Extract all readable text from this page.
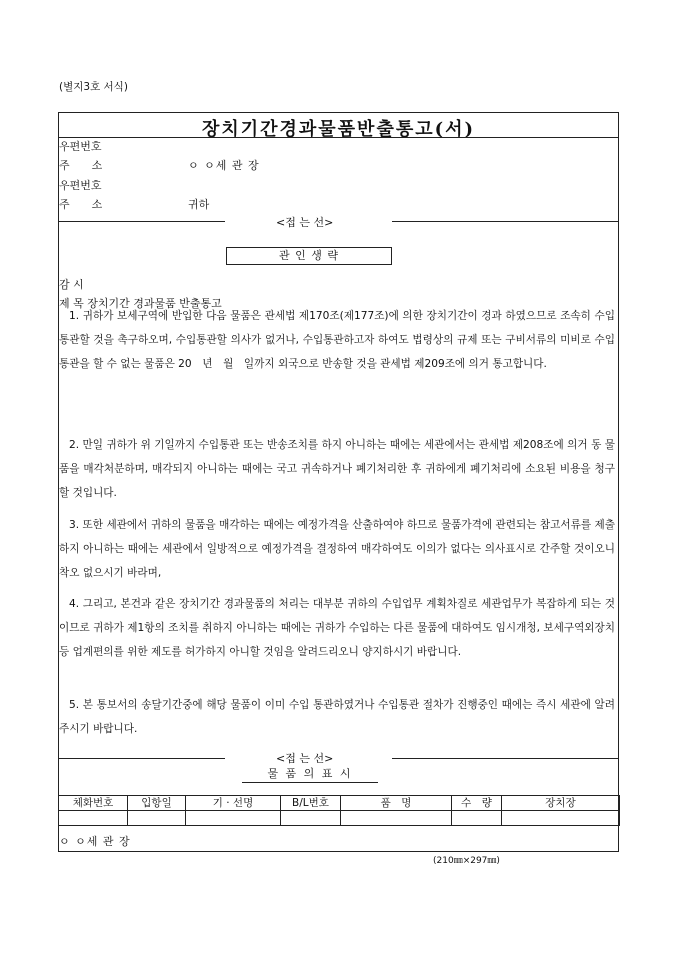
(별지3호 서식)
장치기간경과물품반출통고(서)
우편번호
주　　소	ㅇ ㅇ세 관 장
우편번호
주　　소	귀하
<접 는 선>
관 인 생 략
감 시
제 목 장치기간 경과물품 반출통고
1. 귀하가 보세구역에 반입한 다음 물품은 관세법 제170조(제177조)에 의한 장치기간이 경과 하였으므로 조속히 수입통관할 것을 촉구하오며, 수입통관할 의사가 없거나, 수입통관하고자 하여도 법령상의 규제 또는 구비서류의 미비로 수입통관을 할 수 없는 물품은 20　년　월　일까지 외국으로 반송할 것을 관세법 제209조에 의거 통고합니다.
2. 만일 귀하가 위 기일까지 수입통관 또는 반송조치를 하지 아니하는 때에는 세관에서는 관세법 제208조에 의거 동 물품을 매각처분하며, 매각되지 아니하는 때에는 국고 귀속하거나 폐기처리한 후 귀하에게 폐기처리에 소요된 비용을 청구할 것입니다.
3. 또한 세관에서 귀하의 물품을 매각하는 때에는 예정가격을 산출하여야 하므로 물품가격에 관련되는 참고서류를 제출하지 아니하는 때에는 세관에서 일방적으로 예정가격을 결정하여 매각하여도 이의가 없다는 의사표시로 간주할 것이오니 착오 없으시기 바라며,
4. 그리고, 본건과 같은 장치기간 경과물품의 처리는 대부분 귀하의 수입업무 계획차질로 세관업무가 복잡하게 되는 것이므로 귀하가 제1항의 조치를 취하지 아니하는 때에는 귀하가 수입하는 다른 물품에 대하여도 임시개청, 보세구역외장치등 업계편의를 위한 제도를 허가하지 아니할 것임을 알려드리오니 양지하시기 바랍니다.
5. 본 통보서의 송달기간중에 해당 물품이 이미 수입 통관하였거나 수입통관 절차가 진행중인 때에는 즉시 세관에 알려주시기 바랍니다.
<접 는 선>
물 품 의 표 시
체화번호	입항일	기 · 선명	B/L번호	품　명	수　량	장치장

ㅇ ㅇ세 관 장
(210㎜×297㎜)
